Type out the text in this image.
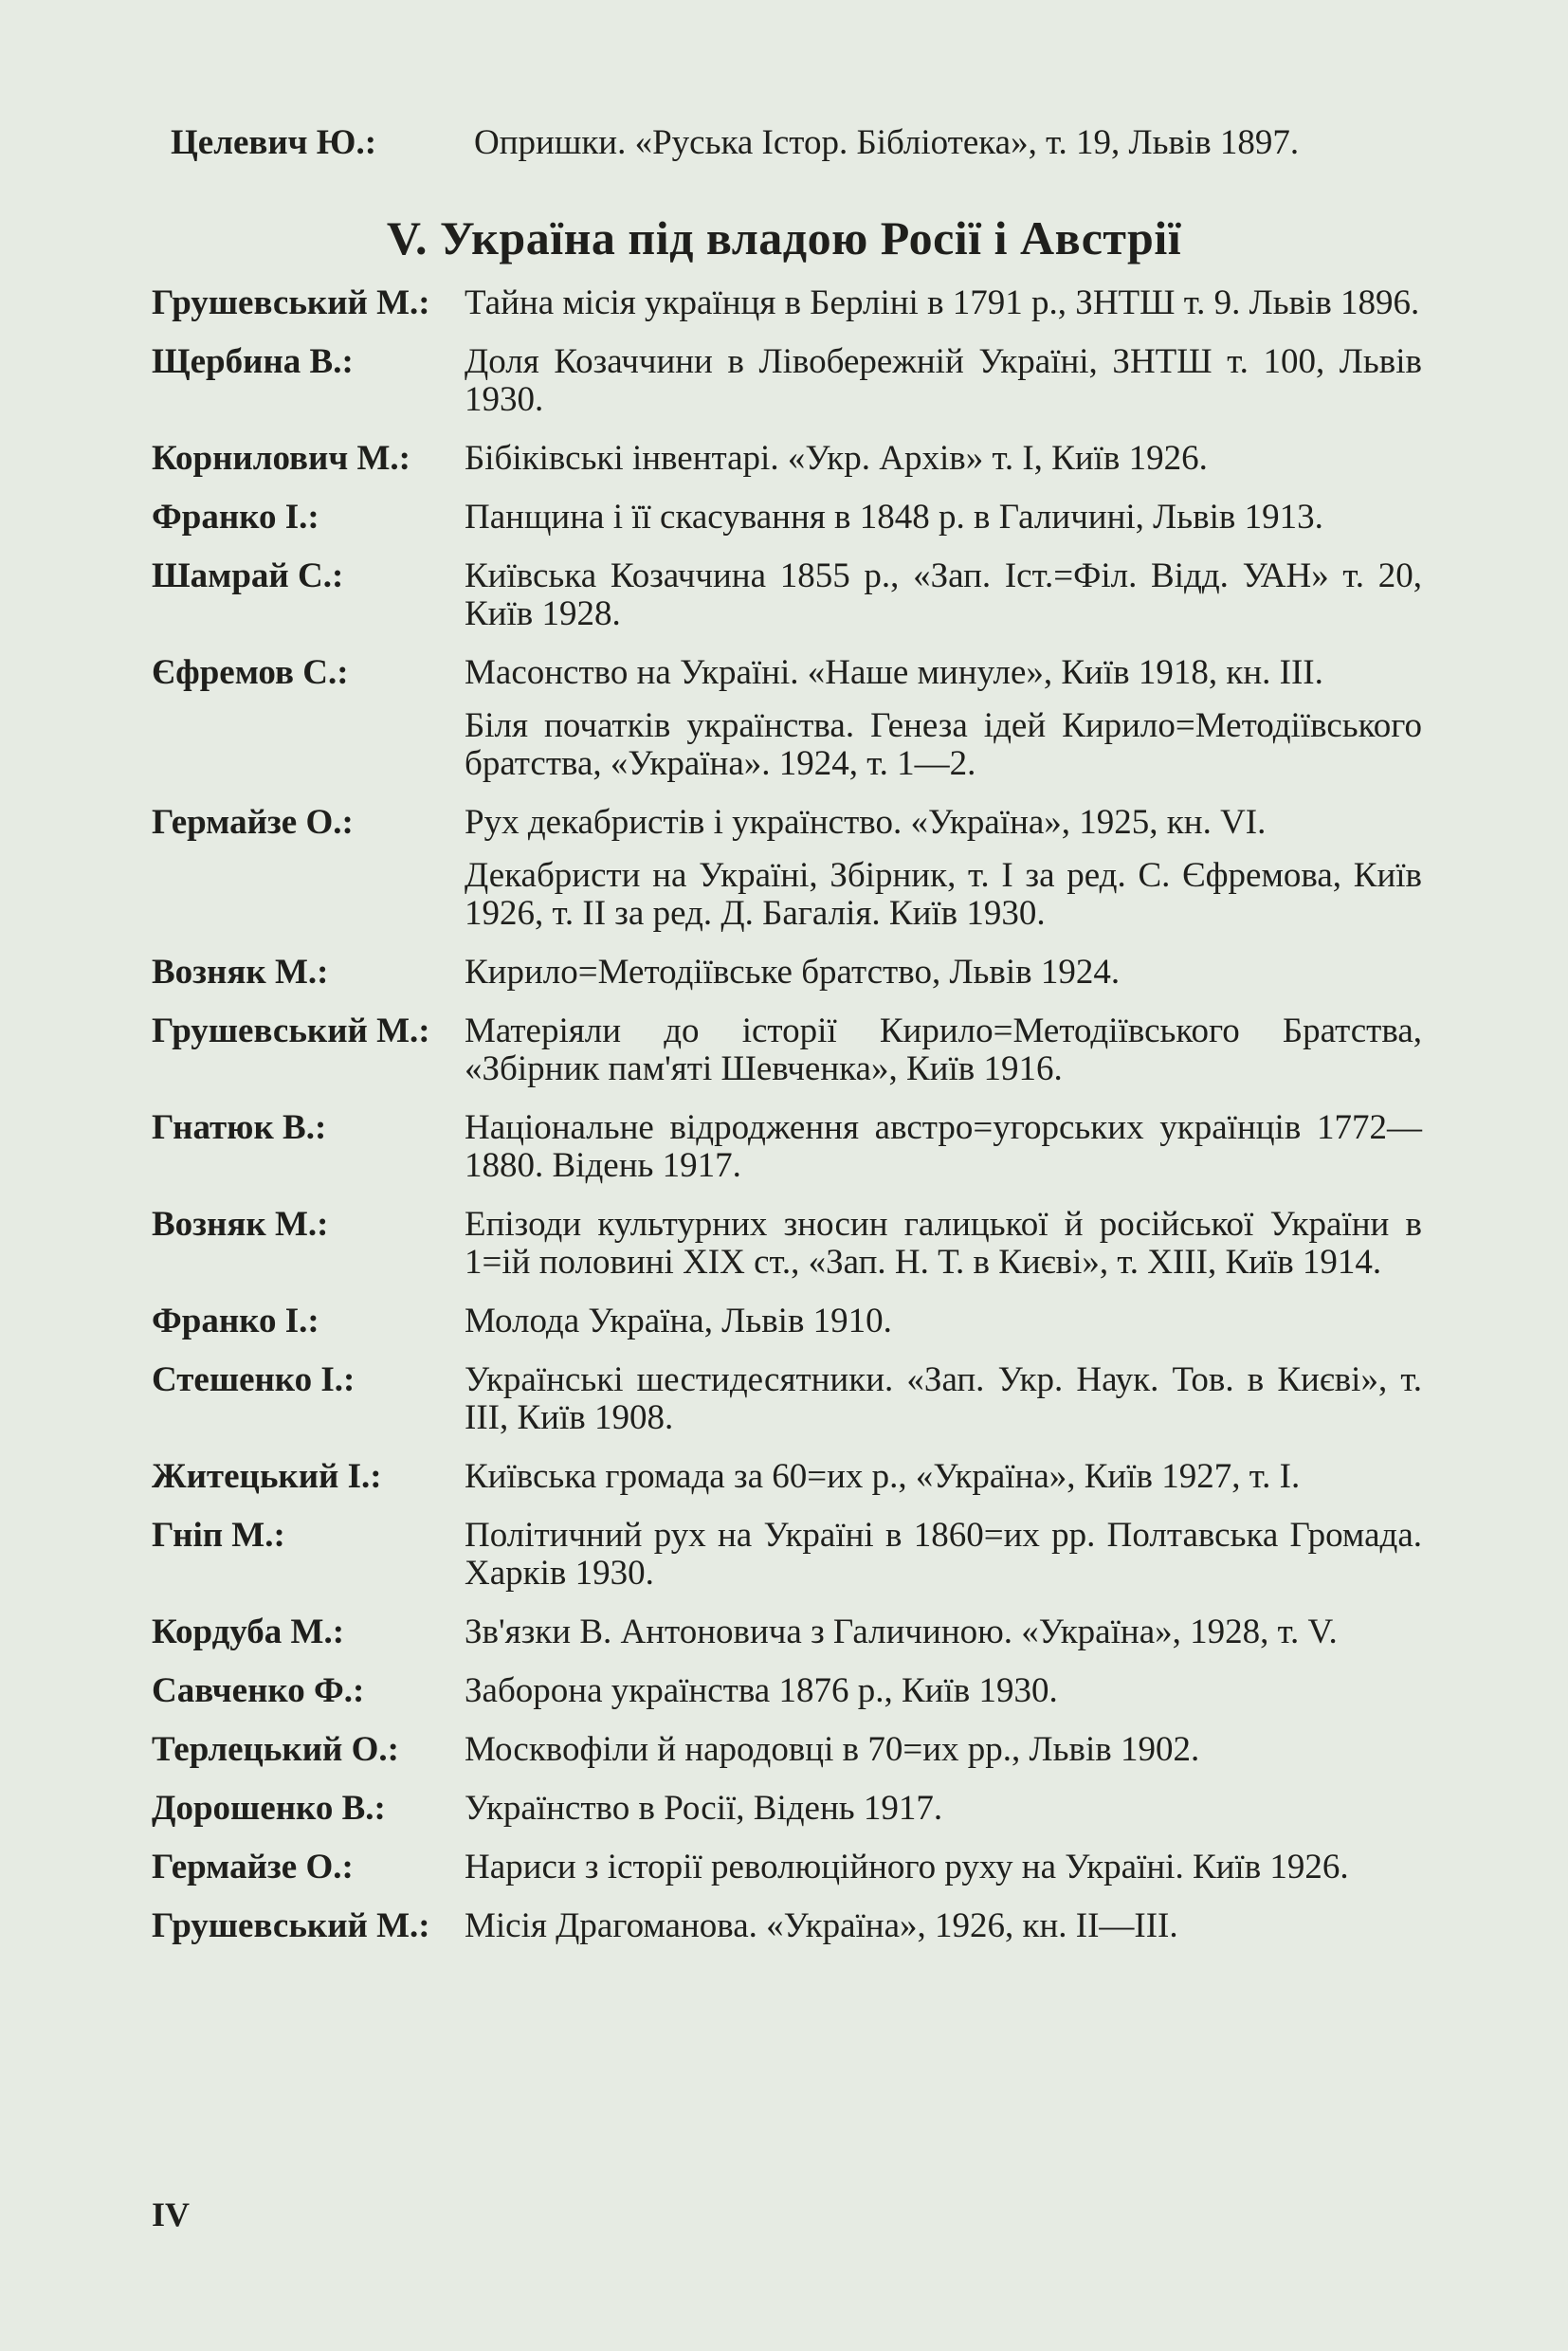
Целевич Ю.:	Опришки. «Руська Істор. Бібліотека», т. 19, Львів 1897.
V. Україна під владою Росії і Австрії
Грушевський М.: Тайна місія українця в Берліні в 1791 р., ЗНТШ т. 9. Львів 1896.
Щербина В.:	Доля Козаччини в Лівобережній Україні, ЗНТШ т. 100, Львів 1930.
Корнилович М.:	Бібіківські інвентарі. «Укр. Архів» т. І, Київ 1926.
Франко І.:	Панщина і її скасування в 1848 р. в Галичині, Львів 1913.
Шамрай С.:	Київська Козаччина 1855 р., «Зап. Іст.=Філ. Відд. УАН» т. 20, Київ 1928.
Єфремов С.:	Масонство на Україні. «Наше минуле», Київ 1918, кн. III.
Біля початків українства. Генеза ідей Кирило=Методіївського братства, «Україна». 1924, т. 1—2.
Гермайзе О.:	Рух декабристів і українство. «Україна», 1925, кн. VI.
Декабристи на Україні, Збірник, т. І за ред. С. Єфремова, Київ 1926, т. II за ред. Д. Багалія. Київ 1930.
Возняк М.:	Кирило=Методіївське братство, Львів 1924.
Грушевський М.: Матеріяли до історії Кирило=Методіївського Братства, «Збірник пам'яті Шевченка», Київ 1916.
Гнатюк В.:	Національне відродження австро=угорських українців 1772—1880. Відень 1917.
Возняк М.:	Епізоди культурних зносин галицької й російської України в 1=ій половині XIX ст., «Зап. Н. Т. в Києві», т. XIII, Київ 1914.
Франко І.:	Молода Україна, Львів 1910.
Стешенко І.:	Українські шестидесятники. «Зап. Укр. Наук. Тов. в Києві», т. III, Київ 1908.
Житецький І.:	Київська громада за 60=их р., «Україна», Київ 1927, т. І.
Гніп М.:	Політичний рух на Україні в 1860=их рр. Полтавська Громада. Харків 1930.
Кордуба М.:	Зв'язки В. Антоновича з Галичиною. «Україна», 1928, т. V.
Савченко Ф.:	Заборона українства 1876 р., Київ 1930.
Терлецький О.:	Москвофіли й народовці в 70=их рр., Львів 1902.
Дорошенко В.:	Українство в Росії, Відень 1917.
Гермайзе О.:	Нариси з історії революційного руху на Україні. Київ 1926.
Грушевський М.: Місія Драгоманова. «Україна», 1926, кн. II—III.
IV
